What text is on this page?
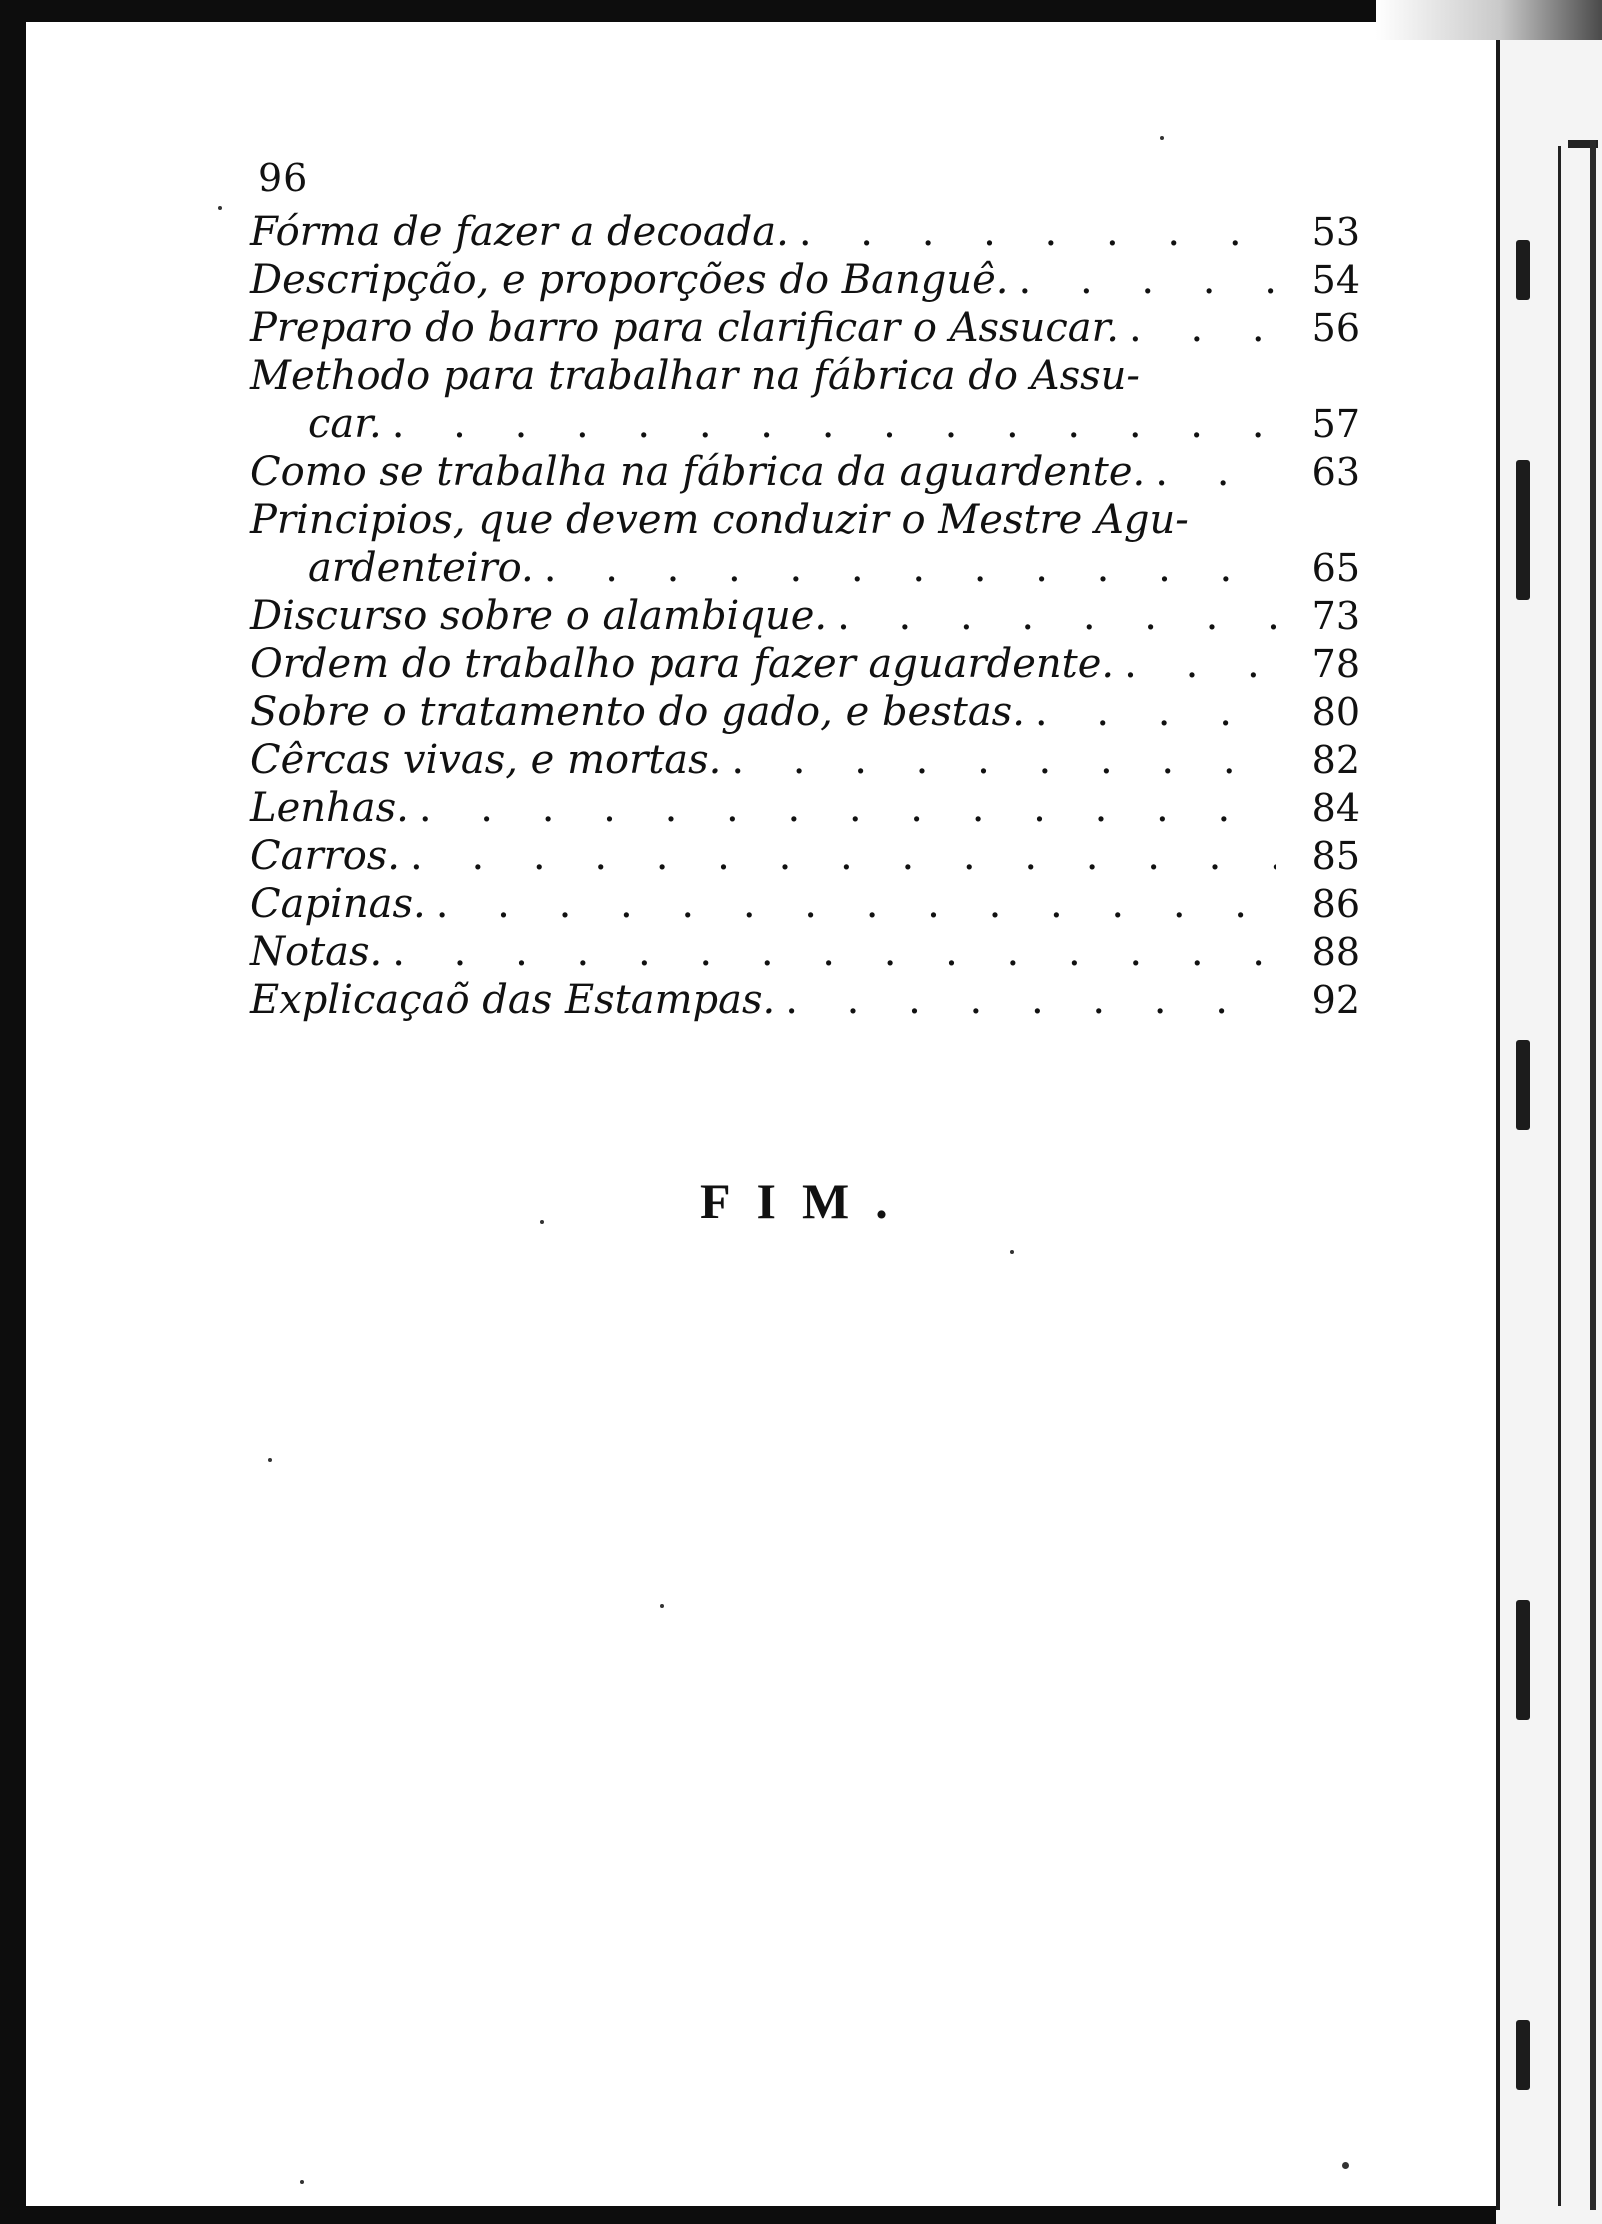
96
Fórma de fazer a decoada. . . .	53
Descripção, e proporções do Banguê. . . .	54
Preparo do barro para clarificar o Assucar. . . .	56
Methodo para trabalhar na fábrica do Assu-
car. . . .	57
Como se trabalha na fábrica da aguardente. . . .	63
Principios, que devem conduzir o Mestre Agu-
ardenteiro. . . .	65
Discurso sobre o alambique. . . .	73
Ordem do trabalho para fazer aguardente. . . .	78
Sobre o tratamento do gado, e bestas. . . .	80
Cêrcas vivas, e mortas. . . .	82
Lenhas. . . .	84
Carros. . . .	85
Capinas. . . .	86
Notas. . . .	88
Explicaçaõ das Estampas. . . .	92
FIM.
